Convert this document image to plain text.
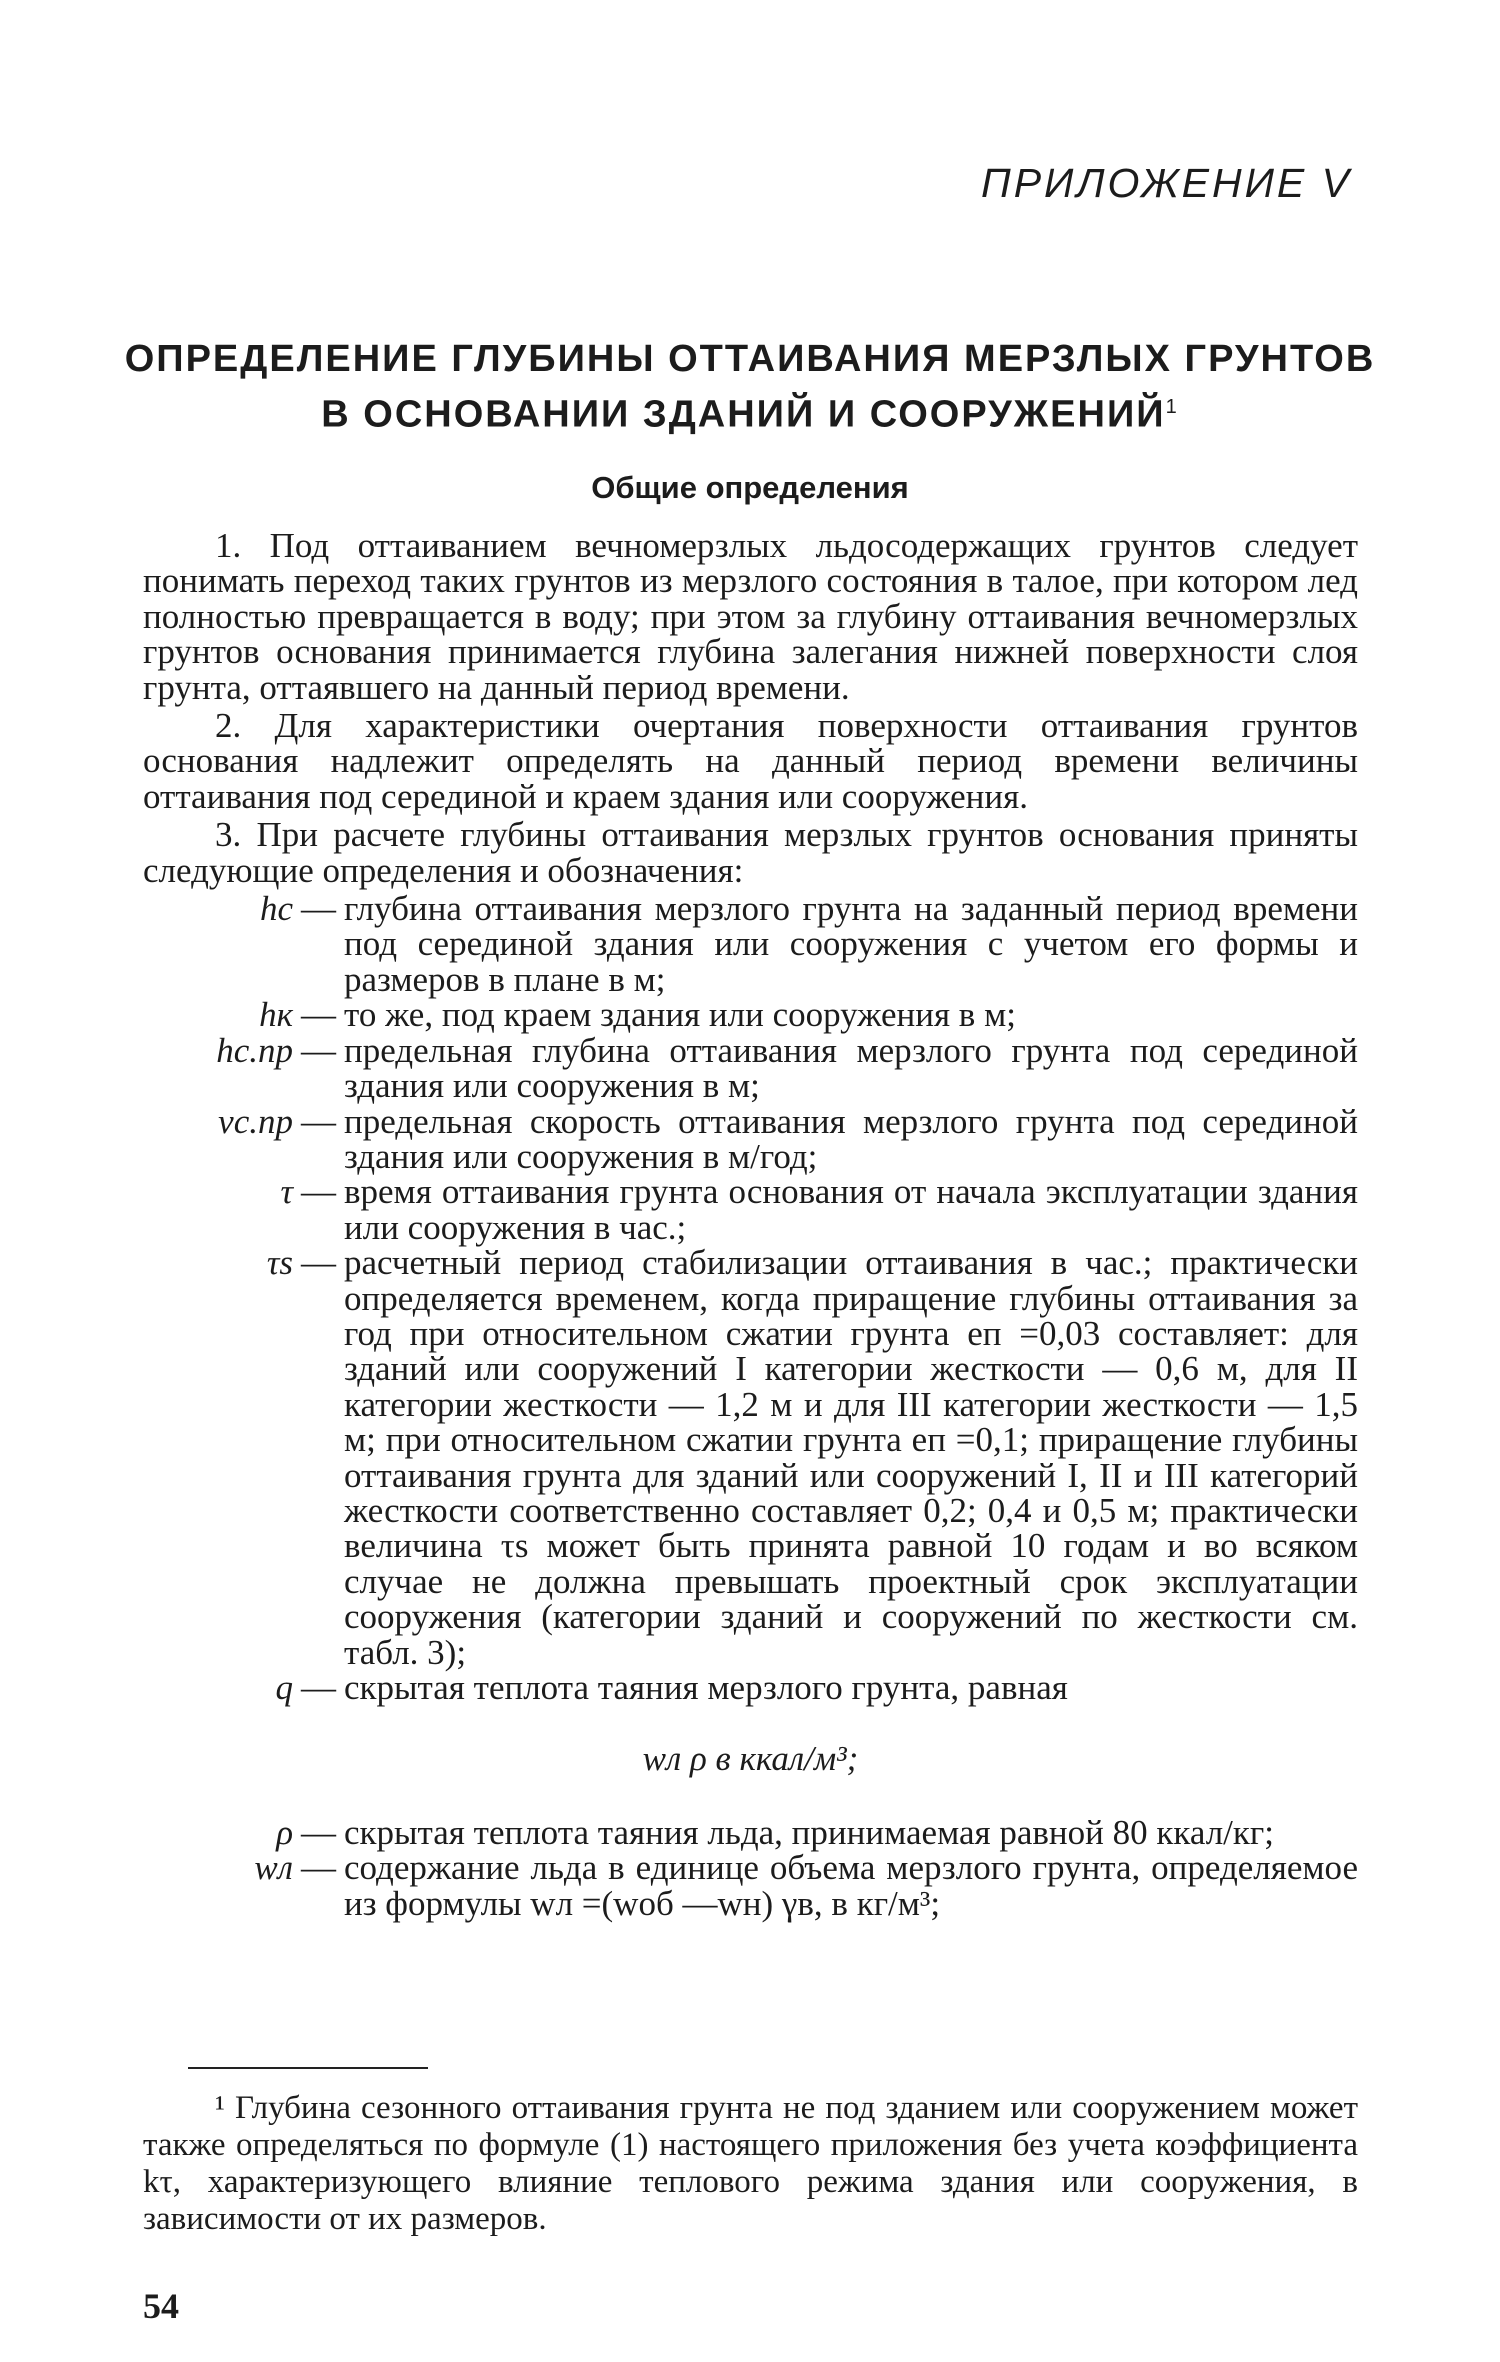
ПРИЛОЖЕНИЕ V
ОПРЕДЕЛЕНИЕ ГЛУБИНЫ ОТТАИВАНИЯ МЕРЗЛЫХ ГРУНТОВ
В ОСНОВАНИИ ЗДАНИЙ И СООРУЖЕНИЙ$^1$
Общие определения

1. Под оттаиванием вечномерзлых льдосодержащих грунтов следует понимать переход таких грунтов из мерзлого состояния в талое, при котором лед полностью превращается в воду; при этом за глубину оттаивания вечномерзлых грунтов основания принимается глубина залегания нижней поверхности слоя грунта, оттаявшего на данный период времени.

2. Для характеристики очертания поверхности оттаивания грунтов основания надлежит определять на данный период времени величины оттаивания под серединой и краем здания или сооружения.

3. При расчете глубины оттаивания мерзлых грунтов основания приняты следующие определения и обозначения:

hc — глубина оттаивания мерзлого грунта на заданный период времени под серединой здания или сооружения с учетом его формы и размеров в плане в м;
hк — то же, под краем здания или сооружения в м;
hc.пр — предельная глубина оттаивания мерзлого грунта под серединой здания или сооружения в м;
vc.пр — предельная скорость оттаивания мерзлого грунта под серединой здания или сооружения в м/год;
τ — время оттаивания грунта основания от начала эксплуатации здания или сооружения в час.;
τs — расчетный период стабилизации оттаивания в час.; практически определяется временем, когда приращение глубины оттаивания за год при относительном сжатии грунта eп =0,03 составляет: для зданий или сооружений I категории жесткости — 0,6 м, для II категории жесткости — 1,2 м и для III категории жесткости — 1,5 м; при относительном сжатии грунта eп =0,1; приращение глубины оттаивания грунта для зданий или сооружений I, II и III категорий жесткости соответственно составляет 0,2; 0,4 и 0,5 м; практически величина τs может быть принята равной 10 годам и во всяком случае не должна превышать проектный срок эксплуатации сооружения (категории зданий и сооружений по жесткости см. табл. 3);
q — скрытая теплота таяния мерзлого грунта, равная
wл ρ в ккал/м³;
ρ — скрытая теплота таяния льда, принимаемая равной 80 ккал/кг;
wл — содержание льда в единице объема мерзлого грунта, определяемое из формулы wл =(wоб —wн) γв, в кг/м³;

¹ Глубина сезонного оттаивания грунта не под зданием или сооружением может также определяться по формуле (1) настоящего приложения без учета коэффициента kτ, характеризующего влияние теплового режима здания или сооружения, в зависимости от их размеров.

54
